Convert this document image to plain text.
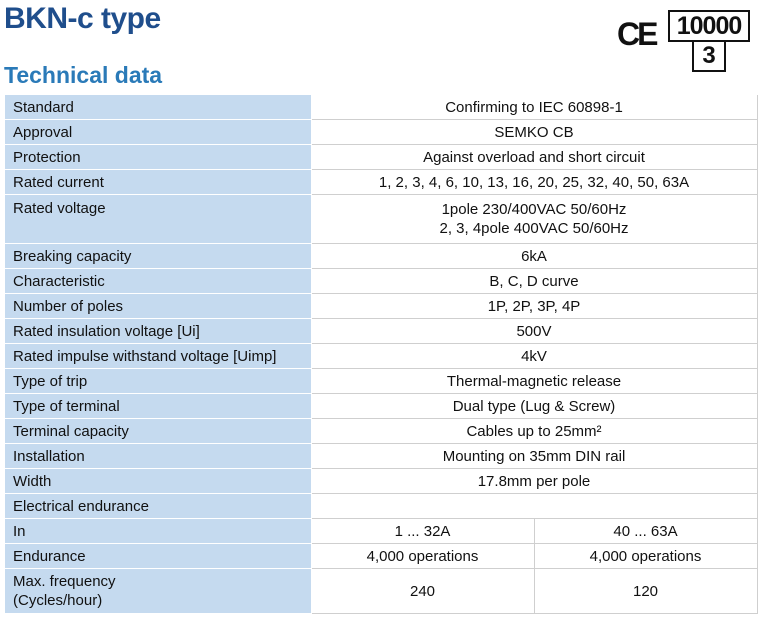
BKN-c type
Technical data
CE 10000
3
Standard	Confirming to IEC 60898-1	
Approval	SEMKO CB	
Protection	Against overload and short circuit	
Rated current	1, 2, 3, 4, 6, 10, 13, 16, 20, 25, 32, 40, 50, 63A	
Rated voltage	1pole 230/400VAC 50/60Hz
2, 3, 4pole 400VAC 50/60Hz	

Breaking capacity	6kA	
Characteristic	B, C, D curve	
Number of poles	1P, 2P, 3P, 4P	
Rated insulation voltage [Ui]	500V	
Rated impulse withstand voltage [Uimp]	4kV	
Type of trip	Thermal-magnetic release	
Type of terminal	Dual type (Lug & Screw)	
Terminal capacity	Cables up to 25mm²	
Installation	Mounting on 35mm DIN rail	
Width	17.8mm per pole	
Electrical endurance		
In	1 ... 32A	40 ... 63A
Endurance	4,000 operations	4,000 operations

Max. frequency
(Cycles/hour)	240	120
